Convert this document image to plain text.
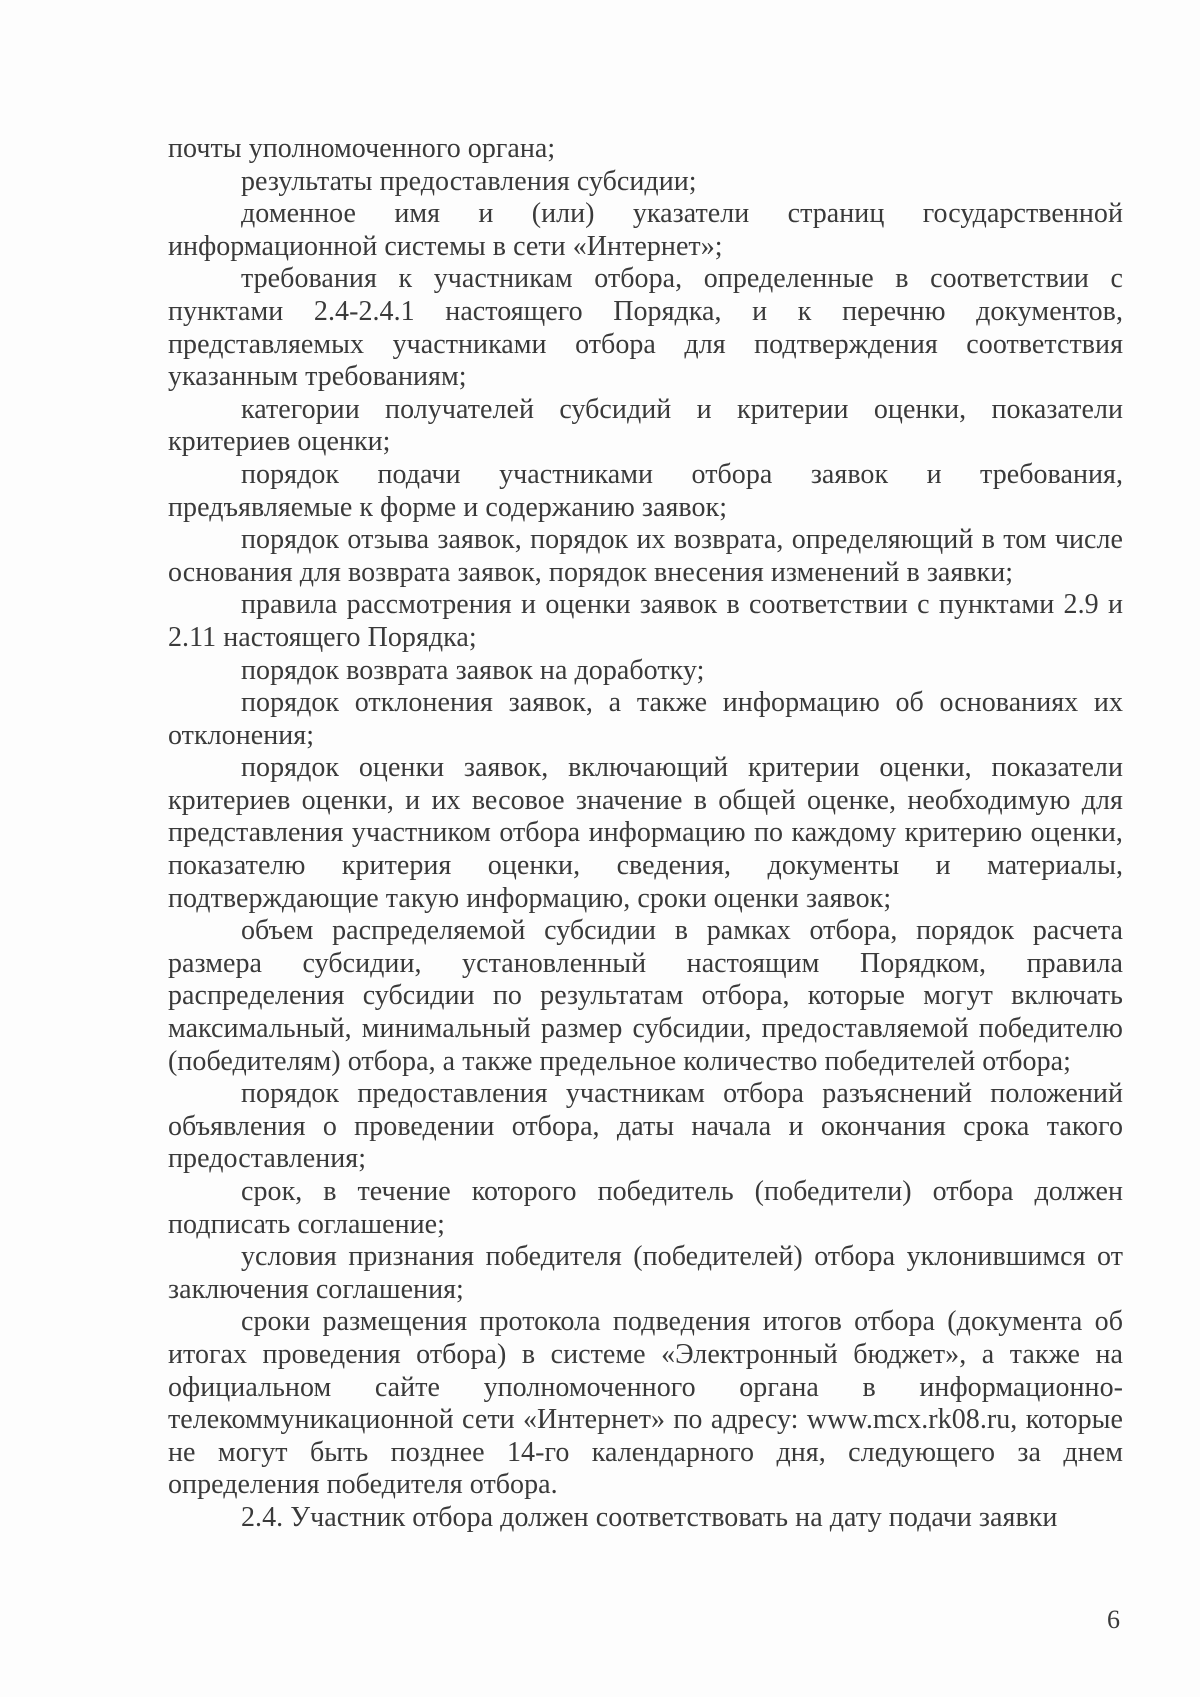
почты уполномоченного органа;

результаты предоставления субсидии;

доменное имя и (или) указатели страниц государственной информационной системы в сети «Интернет»;

требования к участникам отбора, определенные в соответствии с пунктами 2.4-2.4.1 настоящего Порядка, и к перечню документов, представляемых участниками отбора для подтверждения соответствия указанным требованиям;

категории получателей субсидий и критерии оценки, показатели критериев оценки;

порядок подачи участниками отбора заявок и требования, предъявляемые к форме и содержанию заявок;

порядок отзыва заявок, порядок их возврата, определяющий в том числе основания для возврата заявок, порядок внесения изменений в заявки;

правила рассмотрения и оценки заявок в соответствии с пунктами 2.9 и 2.11 настоящего Порядка;

порядок возврата заявок на доработку;

порядок отклонения заявок, а также информацию об основаниях их отклонения;

порядок оценки заявок, включающий критерии оценки, показатели критериев оценки, и их весовое значение в общей оценке, необходимую для представления участником отбора информацию по каждому критерию оценки, показателю критерия оценки, сведения, документы и материалы, подтверждающие такую информацию, сроки оценки заявок;

объем распределяемой субсидии в рамках отбора, порядок расчета размера субсидии, установленный настоящим Порядком, правила распределения субсидии по результатам отбора, которые могут включать максимальный, минимальный размер субсидии, предоставляемой победителю (победителям) отбора, а также предельное количество победителей отбора;

порядок предоставления участникам отбора разъяснений положений объявления о проведении отбора, даты начала и окончания срока такого предоставления;

срок, в течение которого победитель (победители) отбора должен подписать соглашение;

условия признания победителя (победителей) отбора уклонившимся от заключения соглашения;

сроки размещения протокола подведения итогов отбора (документа об итогах проведения отбора) в системе «Электронный бюджет», а также на официальном сайте уполномоченного органа в информационно-телекоммуникационной сети «Интернет» по адресу: www.mcx.rk08.ru, которые не могут быть позднее 14-го календарного дня, следующего за днем определения победителя отбора.

2.4. Участник отбора должен соответствовать на дату подачи заявки

6
